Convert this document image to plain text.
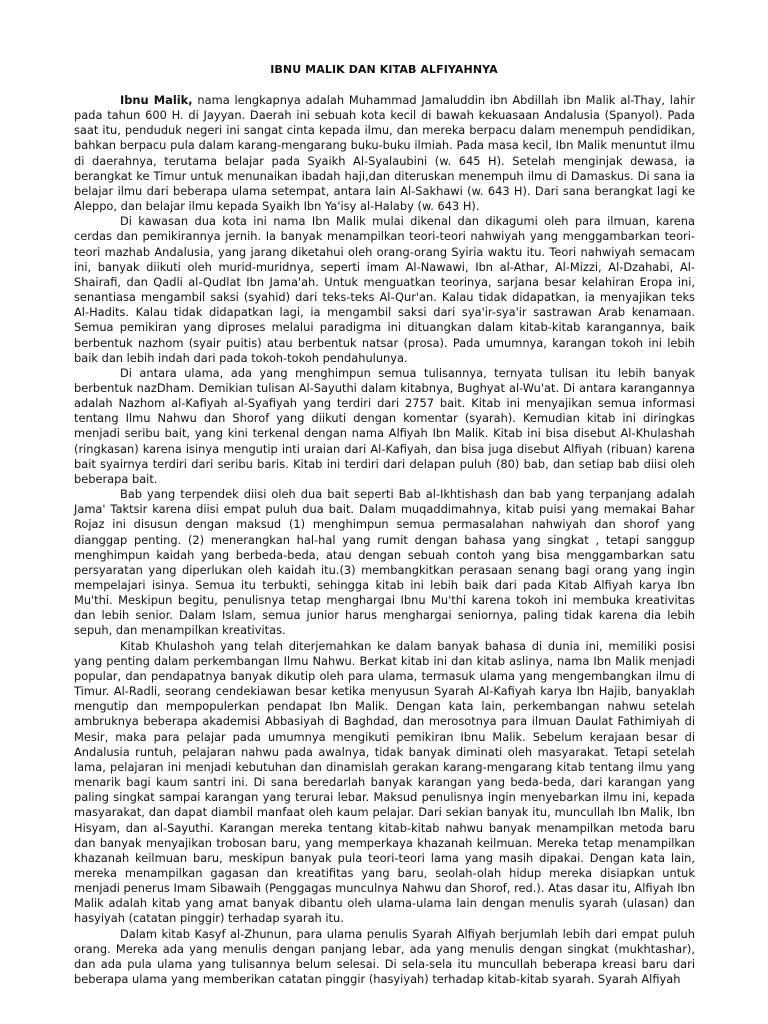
IBNU MALIK DAN KITAB ALFIYAHNYA

Ibnu Malik, nama lengkapnya adalah Muhammad Jamaluddin ibn Abdillah ibn Malik al-Thay, lahir pada tahun 600 H. di Jayyan. Daerah ini sebuah kota kecil di bawah kekuasaan Andalusia (Spanyol). Pada saat itu, penduduk negeri ini sangat cinta kepada ilmu, dan mereka berpacu dalam menempuh pendidikan, bahkan berpacu pula dalam karang-mengarang buku-buku ilmiah. Pada masa kecil, Ibn Malik menuntut ilmu di daerahnya, terutama belajar pada Syaikh Al-Syalaubini (w. 645 H). Setelah menginjak dewasa, ia berangkat ke Timur untuk menunaikan ibadah haji,dan diteruskan menempuh ilmu di Damaskus. Di sana ia belajar ilmu dari beberapa ulama setempat, antara lain Al-Sakhawi (w. 643 H). Dari sana berangkat lagi ke Aleppo, dan belajar ilmu kepada Syaikh Ibn Ya'isy al-Halaby (w. 643 H).

Di kawasan dua kota ini nama Ibn Malik mulai dikenal dan dikagumi oleh para ilmuan, karena cerdas dan pemikirannya jernih. Ia banyak menampilkan teori-teori nahwiyah yang menggambarkan teori-teori mazhab Andalusia, yang jarang diketahui oleh orang-orang Syiria waktu itu. Teori nahwiyah semacam ini, banyak diikuti oleh murid-muridnya, seperti imam Al-Nawawi, Ibn al-Athar, Al-Mizzi, Al-Dzahabi, Al-Shairafi, dan Qadli al-Qudlat Ibn Jama'ah. Untuk menguatkan teorinya, sarjana besar kelahiran Eropa ini, senantiasa mengambil saksi (syahid) dari teks-teks Al-Qur'an. Kalau tidak didapatkan, ia menyajikan teks Al-Hadits. Kalau tidak didapatkan lagi, ia mengambil saksi dari sya'ir-sya'ir sastrawan Arab kenamaan. Semua pemikiran yang diproses melalui paradigma ini dituangkan dalam kitab-kitab karangannya, baik berbentuk nazhom (syair puitis) atau berbentuk natsar (prosa). Pada umumnya, karangan tokoh ini lebih baik dan lebih indah dari pada tokoh-tokoh pendahulunya.

Di antara ulama, ada yang menghimpun semua tulisannya, ternyata tulisan itu lebih banyak berbentuk nazDham. Demikian tulisan Al-Sayuthi dalam kitabnya, Bughyat al-Wu'at. Di antara karangannya adalah Nazhom al-Kafiyah al-Syafiyah yang terdiri dari 2757 bait. Kitab ini menyajikan semua informasi tentang Ilmu Nahwu dan Shorof yang diikuti dengan komentar (syarah). Kemudian kitab ini diringkas menjadi seribu bait, yang kini terkenal dengan nama Alfiyah Ibn Malik. Kitab ini bisa disebut Al-Khulashah (ringkasan) karena isinya mengutip inti uraian dari Al-Kafiyah, dan bisa juga disebut Alfiyah (ribuan) karena bait syairnya terdiri dari seribu baris. Kitab ini terdiri dari delapan puluh (80) bab, dan setiap bab diisi oleh beberapa bait.

Bab yang terpendek diisi oleh dua bait seperti Bab al-Ikhtishash dan bab yang terpanjang adalah Jama' Taktsir karena diisi empat puluh dua bait. Dalam muqaddimahnya, kitab puisi yang memakai Bahar Rojaz ini disusun dengan maksud (1) menghimpun semua permasalahan nahwiyah dan shorof yang dianggap penting. (2) menerangkan hal-hal yang rumit dengan bahasa yang singkat , tetapi sanggup menghimpun kaidah yang berbeda-beda, atau dengan sebuah contoh yang bisa menggambarkan satu persyaratan yang diperlukan oleh kaidah itu.(3) membangkitkan perasaan senang bagi orang yang ingin mempelajari isinya. Semua itu terbukti, sehingga kitab ini lebih baik dari pada Kitab Alfiyah karya Ibn Mu'thi. Meskipun begitu, penulisnya tetap menghargai Ibnu Mu'thi karena tokoh ini membuka kreativitas dan lebih senior. Dalam Islam, semua junior harus menghargai seniornya, paling tidak karena dia lebih sepuh, dan menampilkan kreativitas.

Kitab Khulashoh yang telah diterjemahkan ke dalam banyak bahasa di dunia ini, memiliki posisi yang penting dalam perkembangan Ilmu Nahwu. Berkat kitab ini dan kitab aslinya, nama Ibn Malik menjadi popular, dan pendapatnya banyak dikutip oleh para ulama, termasuk ulama yang mengembangkan ilmu di Timur. Al-Radli, seorang cendekiawan besar ketika menyusun Syarah Al-Kafiyah karya Ibn Hajib, banyaklah mengutip dan mempopulerkan pendapat Ibn Malik. Dengan kata lain, perkembangan nahwu setelah ambruknya beberapa akademisi Abbasiyah di Baghdad, dan merosotnya para ilmuan Daulat Fathimiyah di Mesir, maka para pelajar pada umumnya mengikuti pemikiran Ibnu Malik. Sebelum kerajaan besar di Andalusia runtuh, pelajaran nahwu pada awalnya, tidak banyak diminati oleh masyarakat. Tetapi setelah lama, pelajaran ini menjadi kebutuhan dan dinamislah gerakan karang-mengarang kitab tentang ilmu yang menarik bagi kaum santri ini. Di sana beredarlah banyak karangan yang beda-beda, dari karangan yang paling singkat sampai karangan yang terurai lebar. Maksud penulisnya ingin menyebarkan ilmu ini, kepada masyarakat, dan dapat diambil manfaat oleh kaum pelajar. Dari sekian banyak itu, muncullah Ibn Malik, Ibn Hisyam, dan al-Sayuthi. Karangan mereka tentang kitab-kitab nahwu banyak menampilkan metoda baru dan banyak menyajikan trobosan baru, yang memperkaya khazanah keilmuan. Mereka tetap menampilkan khazanah keilmuan baru, meskipun banyak pula teori-teori lama yang masih dipakai. Dengan kata lain, mereka menampilkan gagasan dan kreatifitas yang baru, seolah-olah hidup mereka disiapkan untuk menjadi penerus Imam Sibawaih (Penggagas munculnya Nahwu dan Shorof, red.). Atas dasar itu, Alfiyah Ibn Malik adalah kitab yang amat banyak dibantu oleh ulama-ulama lain dengan menulis syarah (ulasan) dan hasyiyah (catatan pinggir) terhadap syarah itu.

Dalam kitab Kasyf al-Zhunun, para ulama penulis Syarah Alfiyah berjumlah lebih dari empat puluh orang. Mereka ada yang menulis dengan panjang lebar, ada yang menulis dengan singkat (mukhtashar), dan ada pula ulama yang tulisannya belum selesai. Di sela-sela itu muncullah beberapa kreasi baru dari beberapa ulama yang memberikan catatan pinggir (hasyiyah) terhadap kitab-kitab syarah. Syarah Alfiyah
